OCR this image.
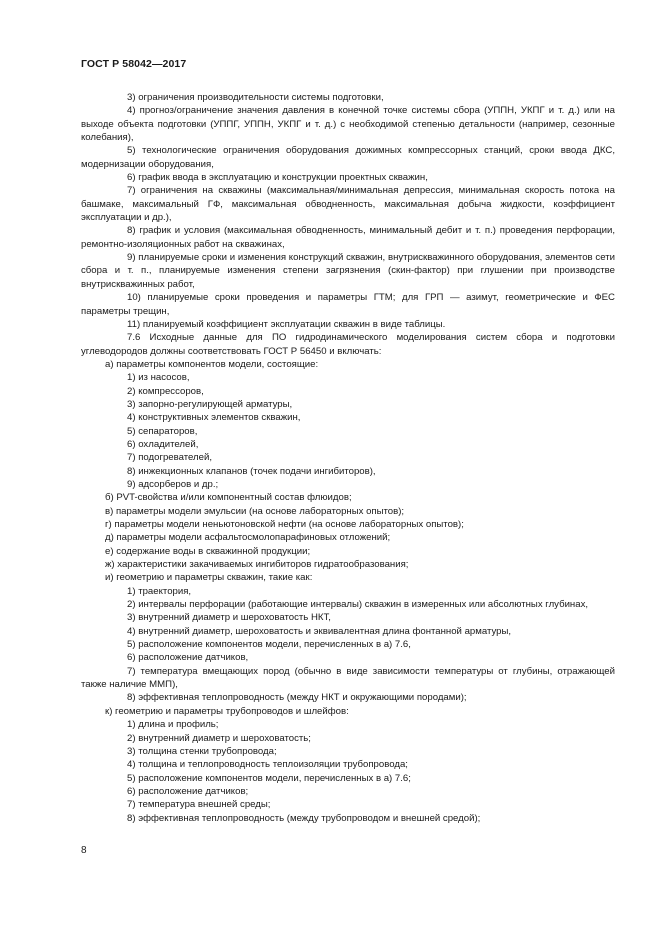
ГОСТ Р 58042—2017
3) ограничения производительности системы подготовки,
4) прогноз/ограничение значения давления в конечной точке системы сбора (УППН, УКПГ и т. д.) или на выходе объекта подготовки (УППГ, УППН, УКПГ и т. д.) с необходимой степенью детальности (например, сезонные колебания),
5) технологические ограничения оборудования дожимных компрессорных станций, сроки ввода ДКС, модернизации оборудования,
6) график ввода в эксплуатацию и конструкции проектных скважин,
7) ограничения на скважины (максимальная/минимальная депрессия, минимальная скорость потока на башмаке, максимальный ГФ, максимальная обводненность, максимальная добыча жидкости, коэффициент эксплуатации и др.),
8) график и условия (максимальная обводненность, минимальный дебит и т. п.) проведения перфорации, ремонтно-изоляционных работ на скважинах,
9) планируемые сроки и изменения конструкций скважин, внутрискважинного оборудования, элементов сети сбора и т. п., планируемые изменения степени загрязнения (скин-фактор) при глушении при производстве внутрискважинных работ,
10) планируемые сроки проведения и параметры ГТМ; для ГРП — азимут, геометрические и ФЕС параметры трещин,
11) планируемый коэффициент эксплуатации скважин в виде таблицы.
7.6 Исходные данные для ПО гидродинамического моделирования систем сбора и подготовки углеводородов должны соответствовать ГОСТ Р 56450 и включать:
а) параметры компонентов модели, состоящие:
1) из насосов,
2) компрессоров,
3) запорно-регулирующей арматуры,
4) конструктивных элементов скважин,
5) сепараторов,
6) охладителей,
7) подогревателей,
8) инжекционных клапанов (точек подачи ингибиторов),
9) адсорберов и др.;
б) PVT-свойства и/или компонентный состав флюидов;
в) параметры модели эмульсии (на основе лабораторных опытов);
г) параметры модели неньютоновской нефти (на основе лабораторных опытов);
д) параметры модели асфальтосмолопарафиновых отложений;
е) содержание воды в скважинной продукции;
ж) характеристики закачиваемых ингибиторов гидратообразования;
и) геометрию и параметры скважин, такие как:
1) траектория,
2) интервалы перфорации (работающие интервалы) скважин в измеренных или абсолютных глубинах,
3) внутренний диаметр и шероховатость НКТ,
4) внутренний диаметр, шероховатость и эквивалентная длина фонтанной арматуры,
5) расположение компонентов модели, перечисленных в а) 7.6,
6) расположение датчиков,
7) температура вмещающих пород (обычно в виде зависимости температуры от глубины, отражающей также наличие ММП),
8) эффективная теплопроводность (между НКТ и окружающими породами);
к) геометрию и параметры трубопроводов и шлейфов:
1) длина и профиль;
2) внутренний диаметр и шероховатость;
3) толщина стенки трубопровода;
4) толщина и теплопроводность теплоизоляции трубопровода;
5) расположение компонентов модели, перечисленных в а) 7.6;
6) расположение датчиков;
7) температура внешней среды;
8) эффективная теплопроводность (между трубопроводом и внешней средой);
8
